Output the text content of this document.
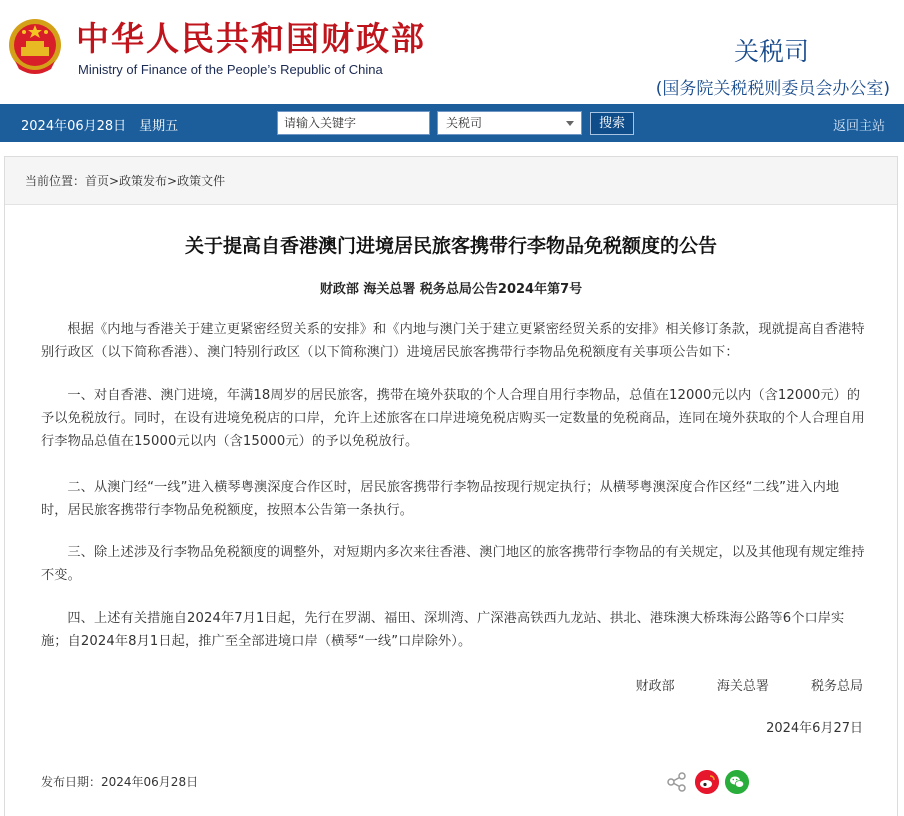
中华人民共和国财政部
Ministry of Finance of the People’s Republic of China
关税司
(国务院关税税则委员会办公室)
2024年06月28日　星期五
请输入关键字	关税司	搜索	返回主站
当前位置：首页>政策发布>政策文件
关于提高自香港澳门进境居民旅客携带行李物品免税额度的公告
财政部 海关总署 税务总局公告2024年第7号

根据《内地与香港关于建立更紧密经贸关系的安排》和《内地与澳门关于建立更紧密经贸关系的安排》相关修订条款，现就提高自香港特别行政区（以下简称香港）、澳门特别行政区（以下简称澳门）进境居民旅客携带行李物品免税额度有关事项公告如下：

一、对自香港、澳门进境，年满18周岁的居民旅客，携带在境外获取的个人合理自用行李物品，总值在12000元以内（含12000元）的予以免税放行。同时，在设有进境免税店的口岸，允许上述旅客在口岸进境免税店购买一定数量的免税商品，连同在境外获取的个人合理自用行李物品总值在15000元以内（含15000元）的予以免税放行。

二、从澳门经“一线”进入横琴粤澳深度合作区时，居民旅客携带行李物品按现行规定执行；从横琴粤澳深度合作区经“二线”进入内地时，居民旅客携带行李物品免税额度，按照本公告第一条执行。

三、除上述涉及行李物品免税额度的调整外，对短期内多次来往香港、澳门地区的旅客携带行李物品的有关规定，以及其他现有规定维持不变。

四、上述有关措施自2024年7月1日起，先行在罗湖、福田、深圳湾、广深港高铁西九龙站、拱北、港珠澳大桥珠海公路等6个口岸实施；自2024年8月1日起，推广至全部进境口岸（横琴“一线”口岸除外）。

财政部	海关总署	税务总局
2024年6月27日
发布日期：2024年06月28日
